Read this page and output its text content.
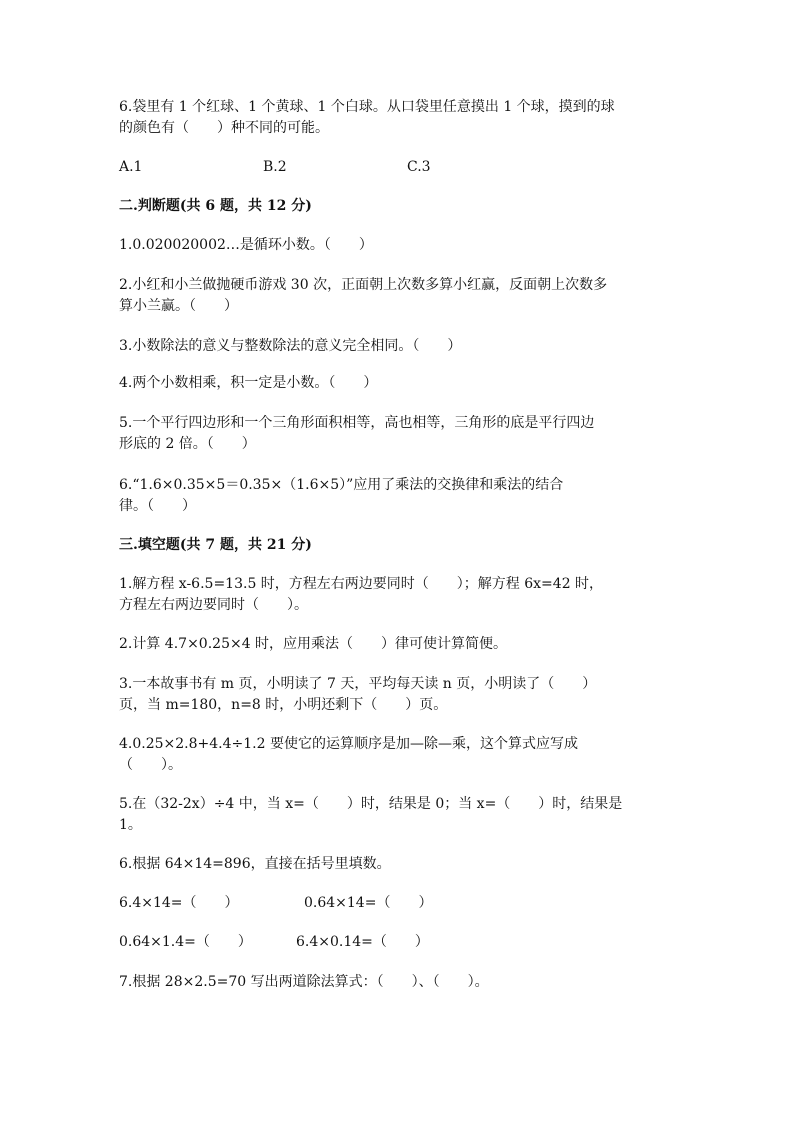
6.袋里有 1 个红球、1 个黄球、1 个白球。从口袋里任意摸出 1 个球，摸到的球
的颜色有（　　）种不同的可能。
A.1	B.2	C.3
二.判断题(共 6 题，共 12 分)
1.0.020020002…是循环小数。（　　）
2.小红和小兰做抛硬币游戏 30 次，正面朝上次数多算小红赢，反面朝上次数多
算小兰赢。（　　）
3.小数除法的意义与整数除法的意义完全相同。（　　）
4.两个小数相乘，积一定是小数。（　　）
5.一个平行四边形和一个三角形面积相等，高也相等，三角形的底是平行四边
形底的 2 倍。（　　）
6.“1.6×0.35×5＝0.35×（1.6×5）”应用了乘法的交换律和乘法的结合
律。（　　）
三.填空题(共 7 题，共 21 分)
1.解方程 x-6.5=13.5 时，方程左右两边要同时（　　）；解方程 6x=42 时，
方程左右两边要同时（　　）。
2.计算 4.7×0.25×4 时，应用乘法（　　）律可使计算简便。
3.一本故事书有 m 页，小明读了 7 天，平均每天读 n 页，小明读了（　　）
页，当 m=180，n=8 时，小明还剩下（　　）页。
4.0.25×2.8+4.4÷1.2 要使它的运算顺序是加—除—乘，这个算式应写成
（　　）。
5.在（32-2x）÷4 中，当 x=（　　）时，结果是 0；当 x=（　　）时，结果是
1。
6.根据 64×14=896，直接在括号里填数。
6.4×14=（　　）	0.64×14=（　　）
0.64×1.4=（　　）	6.4×0.14=（　　）
7.根据 28×2.5=70 写出两道除法算式：（　　）、（　　）。
